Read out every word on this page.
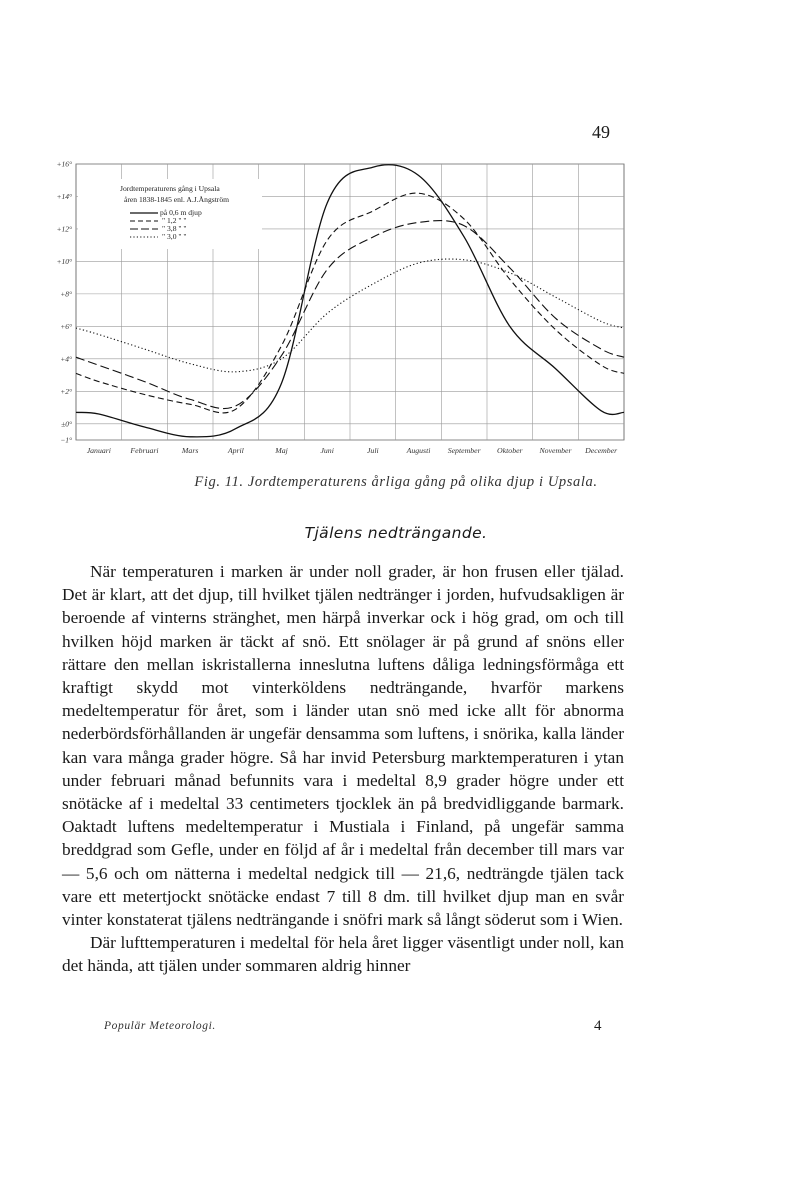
49
+16°
+14°
+12°
+10°
+8°
+6°
+4°
+2°
±0°
−1°
Januari Februari	Mars	April	Maj	Juni	Juli	Augusti September Oktober November December
Jordtemperaturens gång i Upsala
åren 1838-1845 enl. A.J.Ångström
på 0,6 m djup
" 1,2 " "
" 3,8 " "
" 3,0 " "
Fig. 11. Jordtemperaturens årliga gång på olika djup i Upsala.
Tjälens nedträngande.

När temperaturen i marken är under noll grader, är hon frusen eller tjälad. Det är klart, att det djup, till hvilket tjälen nedtränger i jorden, hufvudsakligen är beroende af vinterns stränghet, men härpå inverkar ock i hög grad, om och till hvilken höjd marken är täckt af snö. Ett snölager är på grund af snöns eller rättare den mellan iskristallerna inneslutna luftens dåliga ledningsförmåga ett kraftigt skydd mot vinterköldens nedträngande, hvarför markens medeltemperatur för året, som i länder utan snö med icke allt för abnorma nederbördsförhållanden är ungefär densamma som luftens, i snörika, kalla länder kan vara många grader högre. Så har invid Petersburg marktemperaturen i ytan under februari månad befunnits vara i medeltal 8,9 grader högre under ett snötäcke af i medeltal 33 centimeters tjocklek än på bredvidliggande barmark. Oaktadt luftens medeltemperatur i Mustiala i Finland, på ungefär samma breddgrad som Gefle, under en följd af år i medeltal från december till mars var — 5,6 och om nätterna i medeltal nedgick till — 21,6, nedträngde tjälen tack vare ett metertjockt snötäcke endast 7 till 8 dm. till hvilket djup man en svår vinter konstaterat tjälens nedträngande i snöfri mark så långt söderut som i Wien.

Där lufttemperaturen i medeltal för hela året ligger väsentligt under noll, kan det hända, att tjälen under sommaren aldrig hinner

Populär Meteorologi.	4
